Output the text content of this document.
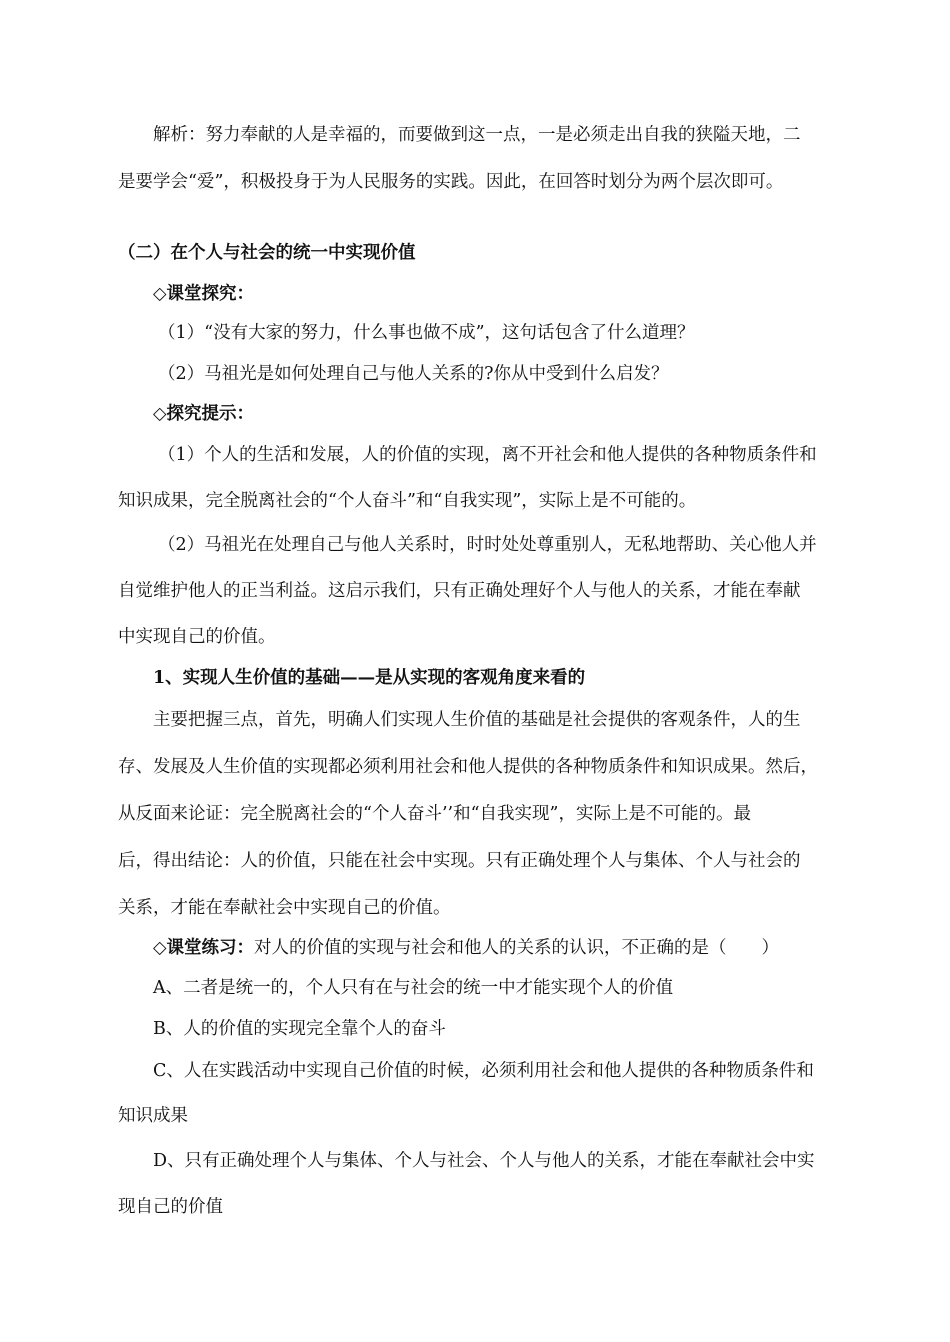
解析：努力奉献的人是幸福的，而要做到这一点，一是必须走出自我的狭隘天地，二

是要学会“爱”，积极投身于为人民服务的实践。因此，在回答时划分为两个层次即可。

（二）在个人与社会的统一中实现价值

◇课堂探究：

（1）“没有大家的努力，什么事也做不成”，这句话包含了什么道理？

（2）马祖光是如何处理自己与他人关系的?你从中受到什么启发？

◇探究提示：

（1）个人的生活和发展，人的价值的实现，离不开社会和他人提供的各种物质条件和

知识成果，完全脱离社会的“个人奋斗”和“自我实现”，实际上是不可能的。

（2）马祖光在处理自己与他人关系时，时时处处尊重别人，无私地帮助、关心他人并

自觉维护他人的正当利益。这启示我们，只有正确处理好个人与他人的关系，才能在奉献

中实现自己的价值。

1、实现人生价值的基础——是从实现的客观角度来看的

主要把握三点，首先，明确人们实现人生价值的基础是社会提供的客观条件，人的生

存、发展及人生价值的实现都必须利用社会和他人提供的各种物质条件和知识成果。然后，

从反面来论证：完全脱离社会的“个人奋斗’’和“自我实现”，实际上是不可能的。最

后，得出结论：人的价值，只能在社会中实现。只有正确处理个人与集体、个人与社会的

关系，才能在奉献社会中实现自己的价值。

◇课堂练习：对人的价值的实现与社会和他人的关系的认识，不正确的是（　　）

A、二者是统一的，个人只有在与社会的统一中才能实现个人的价值

B、人的价值的实现完全靠个人的奋斗

C、人在实践活动中实现自己价值的时候，必须利用社会和他人提供的各种物质条件和

知识成果

D、只有正确处理个人与集体、个人与社会、个人与他人的关系，才能在奉献社会中实

现自己的价值
